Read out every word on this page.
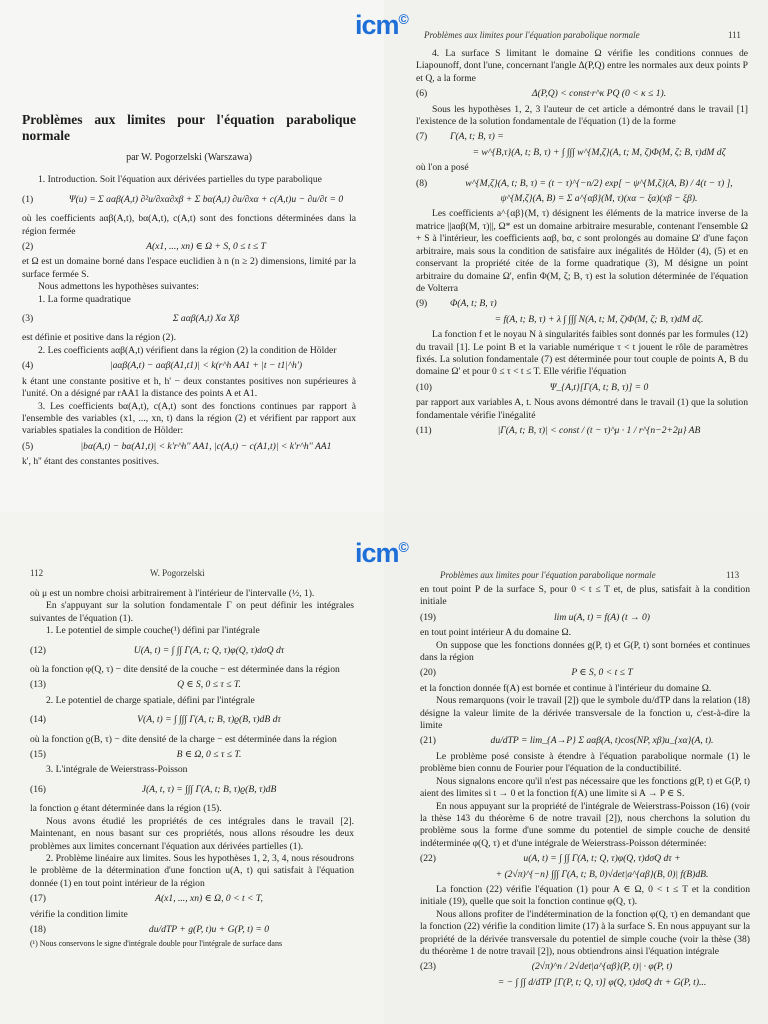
icm©
icm©

Problèmes aux limites pour l'équation parabolique normale

par W. Pogorzelski (Warszawa)

1. Introduction. Soit l'équation aux dérivées partielles du type parabolique

(1)	Ψ(u) = Σ aαβ(A,t) ∂²u/∂xα∂xβ + Σ bα(A,t) ∂u/∂xα + c(A,t)u − ∂u/∂t = 0

où les coefficients aαβ(A,t), bα(A,t), c(A,t) sont des fonctions déterminées dans la région fermée

(2)	A(x1, ..., xn) ∈ Ω + S, 0 ≤ t ≤ T

et Ω est un domaine borné dans l'espace euclidien à n (n ≥ 2) dimensions, limité par la surface fermée S.

Nous admettons les hypothèses suivantes:

1. La forme quadratique

(3)	Σ aαβ(A,t) Xα Xβ

est définie et positive dans la région (2).

2. Les coefficients aαβ(A,t) vérifient dans la région (2) la condition de Hölder

(4)	|aαβ(A,t) − aαβ(A1,t1)| < k(r^h AA1 + |t − t1|^h')

k étant une constante positive et h, h' − deux constantes positives non supérieures à l'unité. On a désigné par rAA1 la distance des points A et A1.

3. Les coefficients bα(A,t), c(A,t) sont des fonctions continues par rapport à l'ensemble des variables (x1, ..., xn, t) dans la région (2) et vérifient par rapport aux variables spatiales la condition de Hölder:

(5)	|bα(A,t) − bα(A1,t)| < k'r^h'' AA1, |c(A,t) − c(A1,t)| < k'r^h'' AA1

k', h'' étant des constantes positives.

Problèmes aux limites pour l'équation parabolique normale	111

4. La surface S limitant le domaine Ω vérifie les conditions connues de Liapounoff, dont l'une, concernant l'angle Δ(P,Q) entre les normales aux deux points P et Q, a la forme

(6)	Δ(P,Q) < const·r^κ PQ (0 < κ ≤ 1).

Sous les hypothèses 1, 2, 3 l'auteur de cet article a démontré dans le travail [1] l'existence de la solution fondamentale de l'équation (1) de la forme

(7)	Γ(A, t; B, τ) =
= w^{B,τ}(A, t; B, τ) + ∫ ∫∫∫ w^{M,ζ}(A, t; M, ζ)Φ(M, ζ; B, τ)dM dζ

où l'on a posé

(8)	w^{M,ζ}(A, t; B, τ) = (t − τ)^{−n/2} exp[ − ψ^{M,ζ}(A, B) / 4(t − τ) ],
ψ^{M,ζ}(A, B) = Σ a^{αβ}(M, τ)(xα − ξα)(xβ − ξβ).

Les coefficients a^{αβ}(M, τ) désignent les éléments de la matrice inverse de la matrice ||aαβ(M, τ)||, Ω* est un domaine arbitraire mesurable, contenant l'ensemble Ω + S à l'intérieur, les coefficients aαβ, bα, c sont prolongés au domaine Ω' d'une façon arbitraire, mais sous la condition de satisfaire aux inégalités de Hölder (4), (5) et en conservant la propriété citée de la forme quadratique (3), M désigne un point arbitraire du domaine Ω', enfin Φ(M, ζ; B, τ) est la solution déterminée de l'équation de Volterra

(9)	Φ(A, t; B, τ)
= f(A, t; B, τ) + λ ∫ ∫∫∫ N(A, t; M, ζ)Φ(M, ζ; B, τ)dM dζ.

La fonction f et le noyau N à singularités faibles sont donnés par les formules (12) du travail [1]. Le point B et la variable numérique τ < t jouent le rôle de paramètres fixés. La solution fondamentale (7) est déterminée pour tout couple de points A, B du domaine Ω' et pour 0 ≤ τ < t ≤ T. Elle vérifie l'équation

(10)	Ψ_{A,t}[Γ(A, t; B, τ)] = 0

par rapport aux variables A, t. Nous avons démontré dans le travail (1) que la solution fondamentale vérifie l'inégalité

(11)	|Γ(A, t; B, τ)| < const / (t − τ)^μ · 1 / r^{n−2+2μ} AB
112	W. Pogorzelski

où μ est un nombre choisi arbitrairement à l'intérieur de l'intervalle (½, 1).

En s'appuyant sur la solution fondamentale Γ on peut définir les intégrales suivantes de l'équation (1).

1. Le potentiel de simple couche(¹) défini par l'intégrale

(12)	U(A, t) = ∫ ∫∫ Γ(A, t; Q, τ)φ(Q, τ)dσQ dτ

où la fonction φ(Q, τ) − dite densité de la couche − est déterminée dans la région

(13)	Q ∈ S, 0 ≤ τ ≤ T.

2. Le potentiel de charge spatiale, défini par l'intégrale

(14)	V(A, t) = ∫ ∫∫∫ Γ(A, t; B, τ)ϱ(B, τ)dB dτ

où la fonction ϱ(B, τ) − dite densité de la charge − est déterminée dans la région

(15)	B ∈ Ω, 0 ≤ τ ≤ T.

3. L'intégrale de Weierstrass-Poisson

(16)	J(A, t, τ) = ∫∫∫ Γ(A, t; B, τ)ϱ(B, τ)dB

la fonction ϱ étant déterminée dans la région (15).

Nous avons étudié les propriétés de ces intégrales dans le travail [2]. Maintenant, en nous basant sur ces propriétés, nous allons résoudre les deux problèmes aux limites concernant l'équation aux dérivées partielles (1).

2. Problème linéaire aux limites. Sous les hypothèses 1, 2, 3, 4, nous résoudrons le problème de la détermination d'une fonction u(A, t) qui satisfait à l'équation donnée (1) en tout point intérieur de la région

(17)	A(x1, ..., xn) ∈ Ω, 0 < t < T,

vérifie la condition limite

(18)	du/dTP + g(P, t)u + G(P, t) = 0

(¹) Nous conservons le signe d'intégrale double pour l'intégrale de surface dans

Problèmes aux limites pour l'équation parabolique normale	113

en tout point P de la surface S, pour 0 < t ≤ T et, de plus, satisfait à la condition initiale

(19)	lim u(A, t) = f(A) (t → 0)

en tout point intérieur A du domaine Ω.

On suppose que les fonctions données g(P, t) et G(P, t) sont bornées et continues dans la région

(20)	P ∈ S, 0 < t ≤ T

et la fonction donnée f(A) est bornée et continue à l'intérieur du domaine Ω.

Nous remarquons (voir le travail [2]) que le symbole du/dTP dans la relation (18) désigne la valeur limite de la dérivée transversale de la fonction u, c'est-à-dire la limite

(21)	du/dTP = lim_{A→P} Σ aαβ(A, t)cos(NP, xβ)u_{xα}(A, t).

Le problème posé consiste à étendre à l'équation parabolique normale (1) le problème bien connu de Fourier pour l'équation de la conductibilité.

Nous signalons encore qu'il n'est pas nécessaire que les fonctions g(P, t) et G(P, t) aient des limites si t → 0 et la fonction f(A) une limite si A → P ∈ S.

En nous appuyant sur la propriété de l'intégrale de Weierstrass-Poisson (16) (voir la thèse 143 du théorème 6 de notre travail [2]), nous cherchons la solution du problème sous la forme d'une somme du potentiel de simple couche de densité indéterminée φ(Q, τ) et d'une intégrale de Weierstrass-Poisson déterminée:

(22)	u(A, t) = ∫ ∫∫ Γ(A, t; Q, τ)φ(Q, τ)dσQ dτ +
+ (2√π)^{−n} ∫∫∫ Γ(A, t; B, 0)√det|a^{αβ}(B, 0)| f(B)dB.

La fonction (22) vérifie l'équation (1) pour A ∈ Ω, 0 < t ≤ T et la condition initiale (19), quelle que soit la fonction continue φ(Q, τ).

Nous allons profiter de l'indétermination de la fonction φ(Q, τ) en demandant que la fonction (22) vérifie la condition limite (17) à la surface S. En nous appuyant sur la propriété de la dérivée transversale du potentiel de simple couche (voir la thèse (38) du théorème 1 de notre travail [2]), nous obtiendrons ainsi l'équation intégrale

(23)	(2√π)^n / 2√det|a^{αβ}(P, t)| · φ(P, t)
= − ∫ ∫∫ d/dTP [Γ(P, t; Q, τ)] φ(Q, τ)dσQ dτ + G(P, t)...
